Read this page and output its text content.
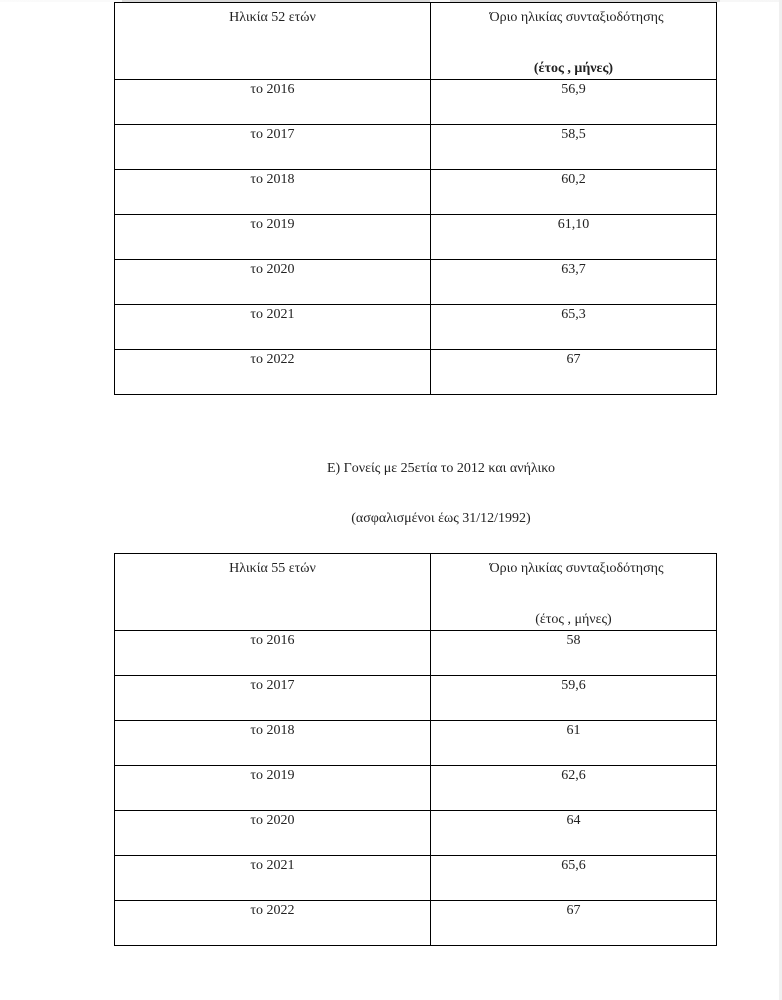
Ηλικία 52 ετών	Όριο ηλικίας συνταξιοδότησης
(έτος , μήνες)

το 2016	56,9

το 2017	58,5

το 2018	60,2

το 2019	61,10

το 2020	63,7

το 2021	65,3

το 2022	67
Ε) Γονείς με 25ετία το 2012 και ανήλικο
(ασφαλισμένοι έως 31/12/1992)
Ηλικία 55 ετών	Όριο ηλικίας συνταξιοδότησης
(έτος , μήνες)

το 2016	58

το 2017	59,6

το 2018	61

το 2019	62,6

το 2020	64

το 2021	65,6

το 2022	67
